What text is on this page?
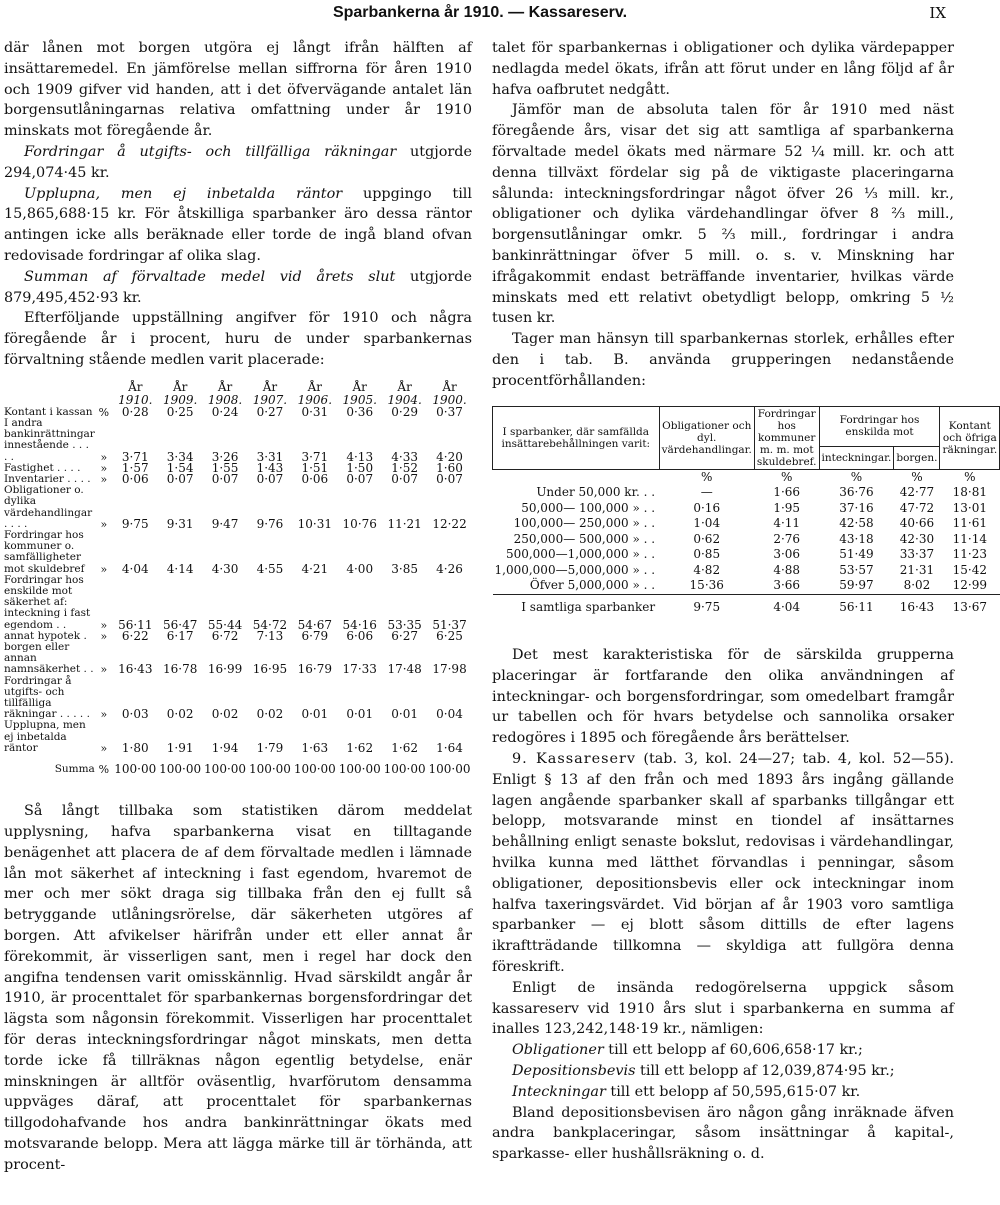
Sparbankerna år 1910. — Kassareserv.	IX

där lånen mot borgen utgöra ej långt ifrån hälften af insättaremedel. En jämförelse mellan siffrorna för åren 1910 och 1909 gifver vid handen, att i det öfvervägande antalet län borgensutlåningarnas relativa omfattning under år 1910 minskats mot föregående år.

Fordringar å utgifts- och tillfälliga räkningar utgjorde 294,074·45 kr.

Upplupna, men ej inbetalda räntor uppgingo till 15,865,688·15 kr. För åtskilliga sparbanker äro dessa räntor antingen icke alls beräknade eller torde de ingå bland ofvan redovisade fordringar af olika slag.

Summan af förvaltade medel vid årets slut utgjorde 879,495,452·93 kr.

Efterföljande uppställning angifver för 1910 och några föregående år i procent, huru de under sparbankernas förvaltning stående medlen varit placerade:

		År	År	År	År	År	År	År	År
		1910.	1909.	1908.	1907.	1906.	1905.	1904.	1900.
Kontant i kassan	%	0·28	0·25	0·24	0·27	0·31	0·36	0·29	0·37
I andra bankinrättningar innestående . . . . .	»	3·71	3·34	3·26	3·31	3·71	4·13	4·33	4·20
Fastighet . . . .	»	1·57	1·54	1·55	1·43	1·51	1·50	1·52	1·60
Inventarier . . . .	»	0·06	0·07	0·07	0·07	0·06	0·07	0·07	0·07
Obligationer o. dylika värdehandlingar . . . .	»	9·75	9·31	9·47	9·76	10·31	10·76	11·21	12·22
Fordringar hos kommuner o. samfälligheter mot skuldebref	»	4·04	4·14	4·30	4·55	4·21	4·00	3·85	4·26
Fordringar hos enskilde mot säkerhet af: inteckning i fast egendom . .	»	56·11	56·47	55·44	54·72	54·67	54·16	53·35	51·37
annat hypotek .	»	6·22	6·17	6·72	7·13	6·79	6·06	6·27	6·25
borgen eller annan namnsäkerhet . .	»	16·43	16·78	16·99	16·95	16·79	17·33	17·48	17·98
Fordringar å utgifts- och tillfälliga räkningar . . . . .	»	0·03	0·02	0·02	0·02	0·01	0·01	0·01	0·04
Upplupna, men ej inbetalda räntor	»	1·80	1·91	1·94	1·79	1·63	1·62	1·62	1·64
Summa	%	100·00	100·00	100·00	100·00	100·00	100·00	100·00	100·00

Så långt tillbaka som statistiken därom meddelat upplysning, hafva sparbankerna visat en tilltagande benägenhet att placera de af dem förvaltade medlen i lämnade lån mot säkerhet af inteckning i fast egendom, hvaremot de mer och mer sökt draga sig tillbaka från den ej fullt så betryggande utlåningsrörelse, där säkerheten utgöres af borgen. Att afvikelser härifrån under ett eller annat år förekommit, är visserligen sant, men i regel har dock den angifna tendensen varit omisskännlig. Hvad särskildt angår år 1910, är procenttalet för sparbankernas borgensfordringar det lägsta som någonsin förekommit. Visserligen har procenttalet för deras inteckningsfordringar något minskats, men detta torde icke få tillräknas någon egentlig betydelse, enär minskningen är alltför oväsentlig, hvarförutom densamma uppväges däraf, att procenttalet för sparbankernas tillgodohafvande hos andra bankinrättningar ökats med motsvarande belopp. Mera att lägga märke till är törhända, att procent-

talet för sparbankernas i obligationer och dylika värdepapper nedlagda medel ökats, ifrån att förut under en lång följd af år hafva oafbrutet nedgått.

Jämför man de absoluta talen för år 1910 med näst föregående års, visar det sig att samtliga af sparbankerna förvaltade medel ökats med närmare 52 ¼ mill. kr. och att denna tillväxt fördelar sig på de viktigaste placeringarna sålunda: inteckningsfordringar något öfver 26 ⅓ mill. kr., obligationer och dylika värdehandlingar öfver 8 ⅔ mill., borgensutlåningar omkr. 5 ⅔ mill., fordringar i andra bankinrättningar öfver 5 mill. o. s. v. Minskning har ifrågakommit endast beträffande inventarier, hvilkas värde minskats med ett relativt obetydligt belopp, omkring 5 ½ tusen kr.

Tager man hänsyn till sparbankernas storlek, erhålles efter den i tab. B. använda grupperingen nedanstående procentförhållanden:

I sparbanker, där samfällda insättarebehållningen varit:	Obligationer och dyl. värdehandlingar.	Fordringar hos kommuner m. m. mot skuldebref.	Fordringar hos enskilda mot		Kontant och öfriga räkningar.
			inteckningar.	borgen.	
	%	%	%	%	%
Under 50,000 kr. . .	—	1·66	36·76	42·77	18·81
50,000— 100,000 » . .	0·16	1·95	37·16	47·72	13·01
100,000— 250,000 » . .	1·04	4·11	42·58	40·66	11·61
250,000— 500,000 » . .	0·62	2·76	43·18	42·30	11·14
500,000—1,000,000 » . .	0·85	3·06	51·49	33·37	11·23
1,000,000—5,000,000 » . .	4·82	4·88	53·57	21·31	15·42
Öfver 5,000,000 » . .	15·36	3·66	59·97	8·02	12·99
I samtliga sparbanker	9·75	4·04	56·11	16·43	13·67

Det mest karakteristiska för de särskilda grupperna placeringar är fortfarande den olika användningen af inteckningar- och borgensfordringar, som omedelbart framgår ur tabellen och för hvars betydelse och sannolika orsaker redogöres i 1895 och föregående års berättelser.

9. Kassareserv (tab. 3, kol. 24—27; tab. 4, kol. 52—55). Enligt § 13 af den från och med 1893 års ingång gällande lagen angående sparbanker skall af sparbanks tillgångar ett belopp, motsvarande minst en tiondel af insättarnes behållning enligt senaste bokslut, redovisas i värdehandlingar, hvilka kunna med lätthet förvandlas i penningar, såsom obligationer, depositionsbevis eller ock inteckningar inom halfva taxeringsvärdet. Vid början af år 1903 voro samtliga sparbanker — ej blott såsom dittills de efter lagens ikraftträdande tillkomna — skyldiga att fullgöra denna föreskrift.

Enligt de insända redogörelserna uppgick såsom kassareserv vid 1910 års slut i sparbankerna en summa af inalles 123,242,148·19 kr., nämligen:

Obligationer till ett belopp af 60,606,658·17 kr.;

Depositionsbevis till ett belopp af 12,039,874·95 kr.;

Inteckningar till ett belopp af 50,595,615·07 kr.

Bland depositionsbevisen äro någon gång inräknade äfven andra bankplaceringar, såsom insättningar å kapital-, sparkasse- eller hushållsräkning o. d.
